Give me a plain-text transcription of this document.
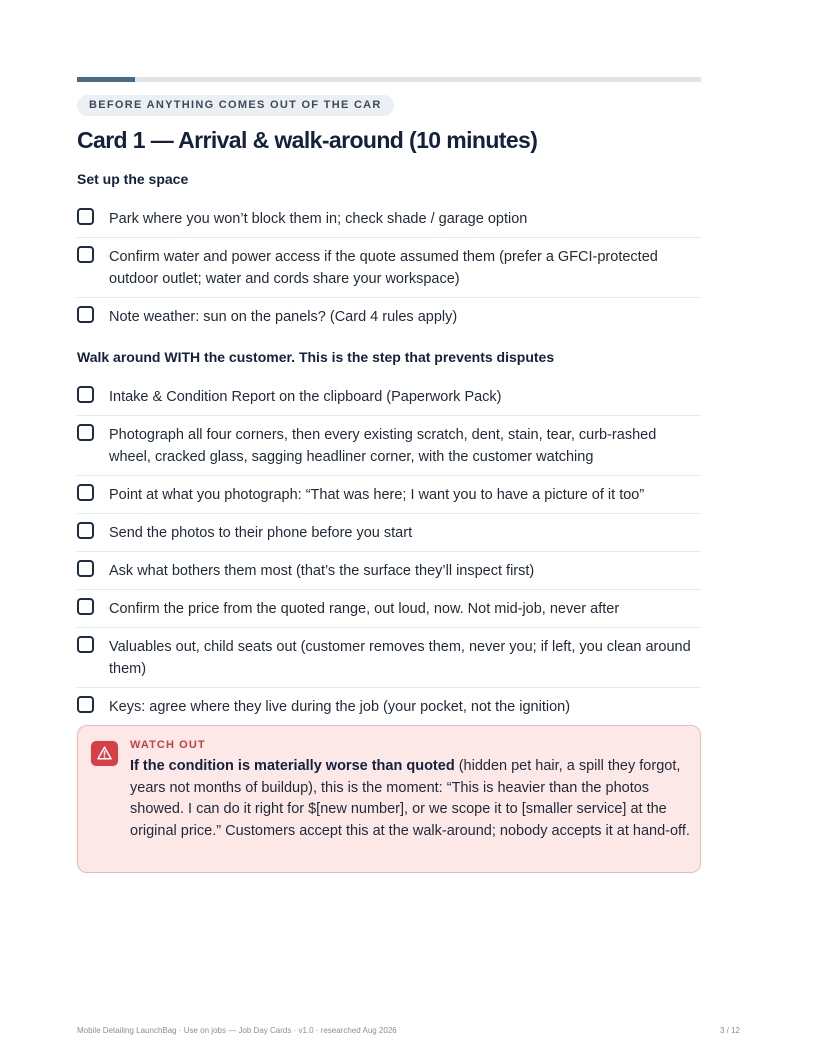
BEFORE ANYTHING COMES OUT OF THE CAR
Card 1 — Arrival & walk-around (10 minutes)
Set up the space
Park where you won’t block them in; check shade / garage option
Confirm water and power access if the quote assumed them (prefer a GFCI-protected outdoor outlet; water and cords share your workspace)
Note weather: sun on the panels? (Card 4 rules apply)
Walk around WITH the customer. This is the step that prevents disputes
Intake & Condition Report on the clipboard (Paperwork Pack)
Photograph all four corners, then every existing scratch, dent, stain, tear, curb-rashed wheel, cracked glass, sagging headliner corner, with the customer watching
Point at what you photograph: “That was here; I want you to have a picture of it too”
Send the photos to their phone before you start
Ask what bothers them most (that’s the surface they’ll inspect first)
Confirm the price from the quoted range, out loud, now. Not mid-job, never after
Valuables out, child seats out (customer removes them, never you; if left, you clean around them)
Keys: agree where they live during the job (your pocket, not the ignition)
WATCH OUT

If the condition is materially worse than quoted (hidden pet hair, a spill they forgot, years not months of buildup), this is the moment: “This is heavier than the photos showed. I can do it right for $[new number], or we scope it to [smaller service] at the original price.” Customers accept this at the walk-around; nobody accepts it at hand-off.

Mobile Detailing LaunchBag · Use on jobs — Job Day Cards · v1.0 · researched Aug 2026	3 / 12
